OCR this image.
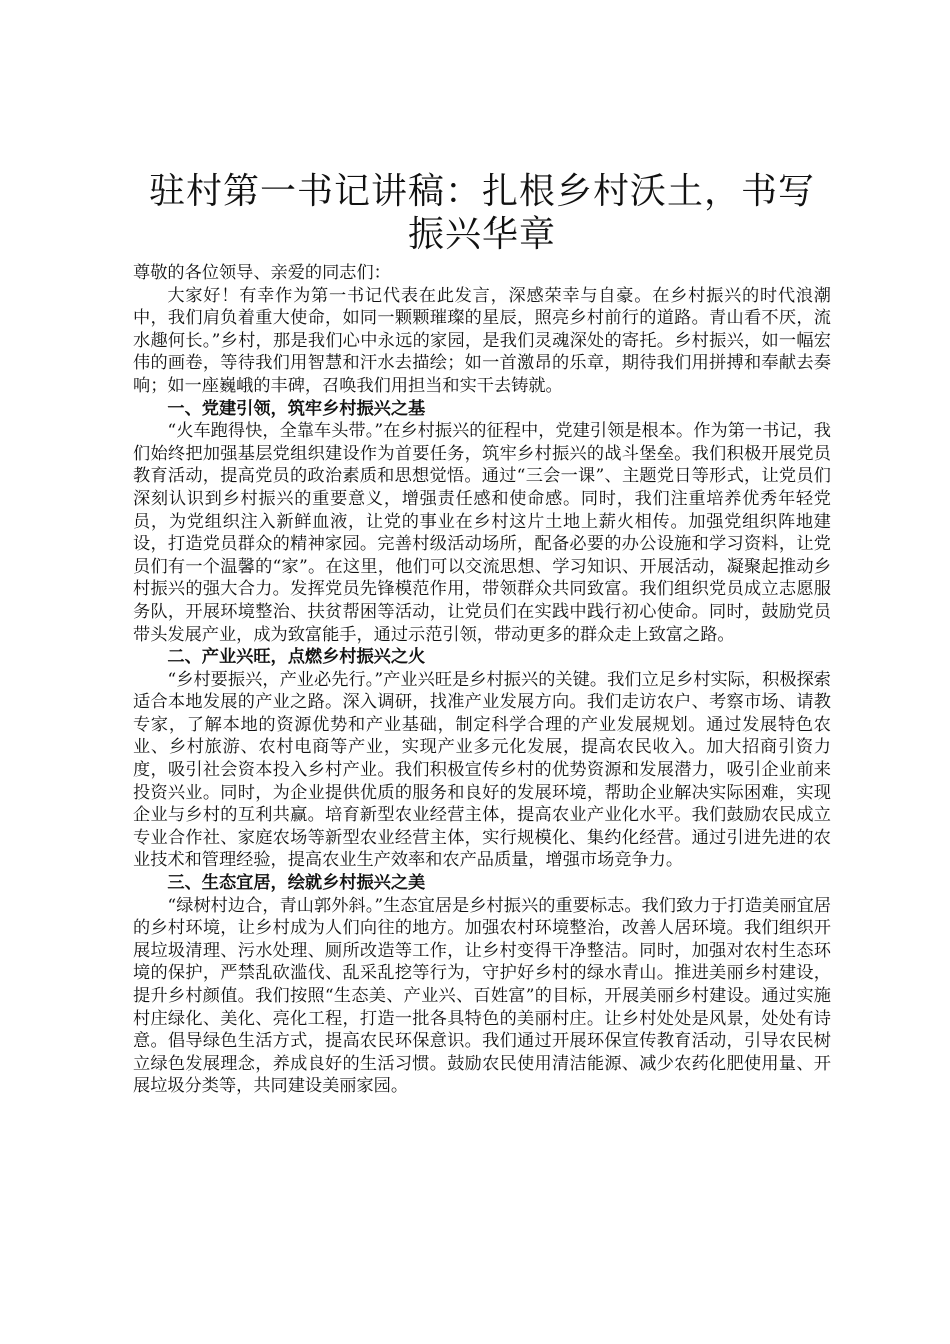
驻村第一书记讲稿：扎根乡村沃土，书写振兴华章

尊敬的各位领导、亲爱的同志们：

大家好！有幸作为第一书记代表在此发言，深感荣幸与自豪。在乡村振兴的时代浪潮中，我们肩负着重大使命，如同一颗颗璀璨的星辰，照亮乡村前行的道路。青山看不厌，流水趣何长。”乡村，那是我们心中永远的家园，是我们灵魂深处的寄托。乡村振兴，如一幅宏伟的画卷，等待我们用智慧和汗水去描绘；如一首激昂的乐章，期待我们用拼搏和奉献去奏响；如一座巍峨的丰碑，召唤我们用担当和实干去铸就。

一、党建引领，筑牢乡村振兴之基

“火车跑得快，全靠车头带。”在乡村振兴的征程中，党建引领是根本。作为第一书记，我们始终把加强基层党组织建设作为首要任务，筑牢乡村振兴的战斗堡垒。我们积极开展党员教育活动，提高党员的政治素质和思想觉悟。通过“三会一课”、主题党日等形式，让党员们深刻认识到乡村振兴的重要意义，增强责任感和使命感。同时，我们注重培养优秀年轻党员，为党组织注入新鲜血液，让党的事业在乡村这片土地上薪火相传。加强党组织阵地建设，打造党员群众的精神家园。完善村级活动场所，配备必要的办公设施和学习资料，让党员们有一个温馨的“家”。在这里，他们可以交流思想、学习知识、开展活动，凝聚起推动乡村振兴的强大合力。发挥党员先锋模范作用，带领群众共同致富。我们组织党员成立志愿服务队，开展环境整治、扶贫帮困等活动，让党员们在实践中践行初心使命。同时，鼓励党员带头发展产业，成为致富能手，通过示范引领，带动更多的群众走上致富之路。

二、产业兴旺，点燃乡村振兴之火

“乡村要振兴，产业必先行。”产业兴旺是乡村振兴的关键。我们立足乡村实际，积极探索适合本地发展的产业之路。深入调研，找准产业发展方向。我们走访农户、考察市场、请教专家，了解本地的资源优势和产业基础，制定科学合理的产业发展规划。通过发展特色农业、乡村旅游、农村电商等产业，实现产业多元化发展，提高农民收入。加大招商引资力度，吸引社会资本投入乡村产业。我们积极宣传乡村的优势资源和发展潜力，吸引企业前来投资兴业。同时，为企业提供优质的服务和良好的发展环境，帮助企业解决实际困难，实现企业与乡村的互利共赢。培育新型农业经营主体，提高农业产业化水平。我们鼓励农民成立专业合作社、家庭农场等新型农业经营主体，实行规模化、集约化经营。通过引进先进的农业技术和管理经验，提高农业生产效率和农产品质量，增强市场竞争力。

三、生态宜居，绘就乡村振兴之美

“绿树村边合，青山郭外斜。”生态宜居是乡村振兴的重要标志。我们致力于打造美丽宜居的乡村环境，让乡村成为人们向往的地方。加强农村环境整治，改善人居环境。我们组织开展垃圾清理、污水处理、厕所改造等工作，让乡村变得干净整洁。同时，加强对农村生态环境的保护，严禁乱砍滥伐、乱采乱挖等行为，守护好乡村的绿水青山。推进美丽乡村建设，提升乡村颜值。我们按照“生态美、产业兴、百姓富”的目标，开展美丽乡村建设。通过实施村庄绿化、美化、亮化工程，打造一批各具特色的美丽村庄。让乡村处处是风景，处处有诗意。倡导绿色生活方式，提高农民环保意识。我们通过开展环保宣传教育活动，引导农民树立绿色发展理念，养成良好的生活习惯。鼓励农民使用清洁能源、减少农药化肥使用量、开展垃圾分类等，共同建设美丽家园。
